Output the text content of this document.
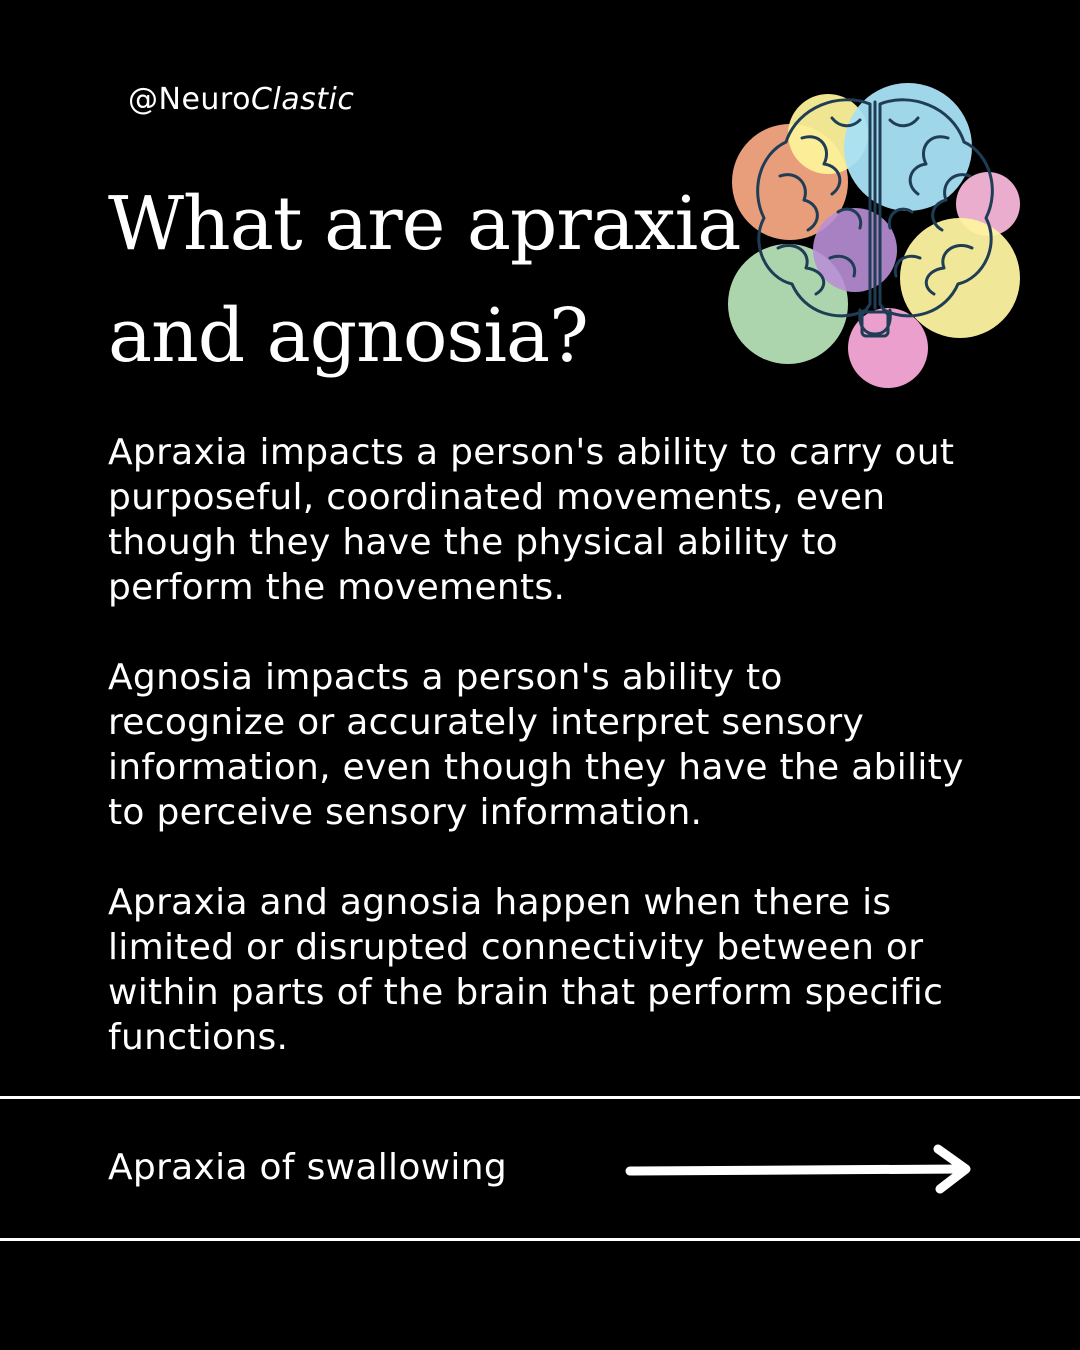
@NeuroClastic
What are apraxia
and agnosia?

Apraxia impacts a person's ability to carry out purposeful, coordinated movements, even though they have the physical ability to perform the movements.

Agnosia impacts a person's ability to recognize or accurately interpret sensory information, even though they have the ability to perceive sensory information.

Apraxia and agnosia happen when there is limited or disrupted connectivity between or within parts of the brain that perform specific functions.

Apraxia of swallowing
